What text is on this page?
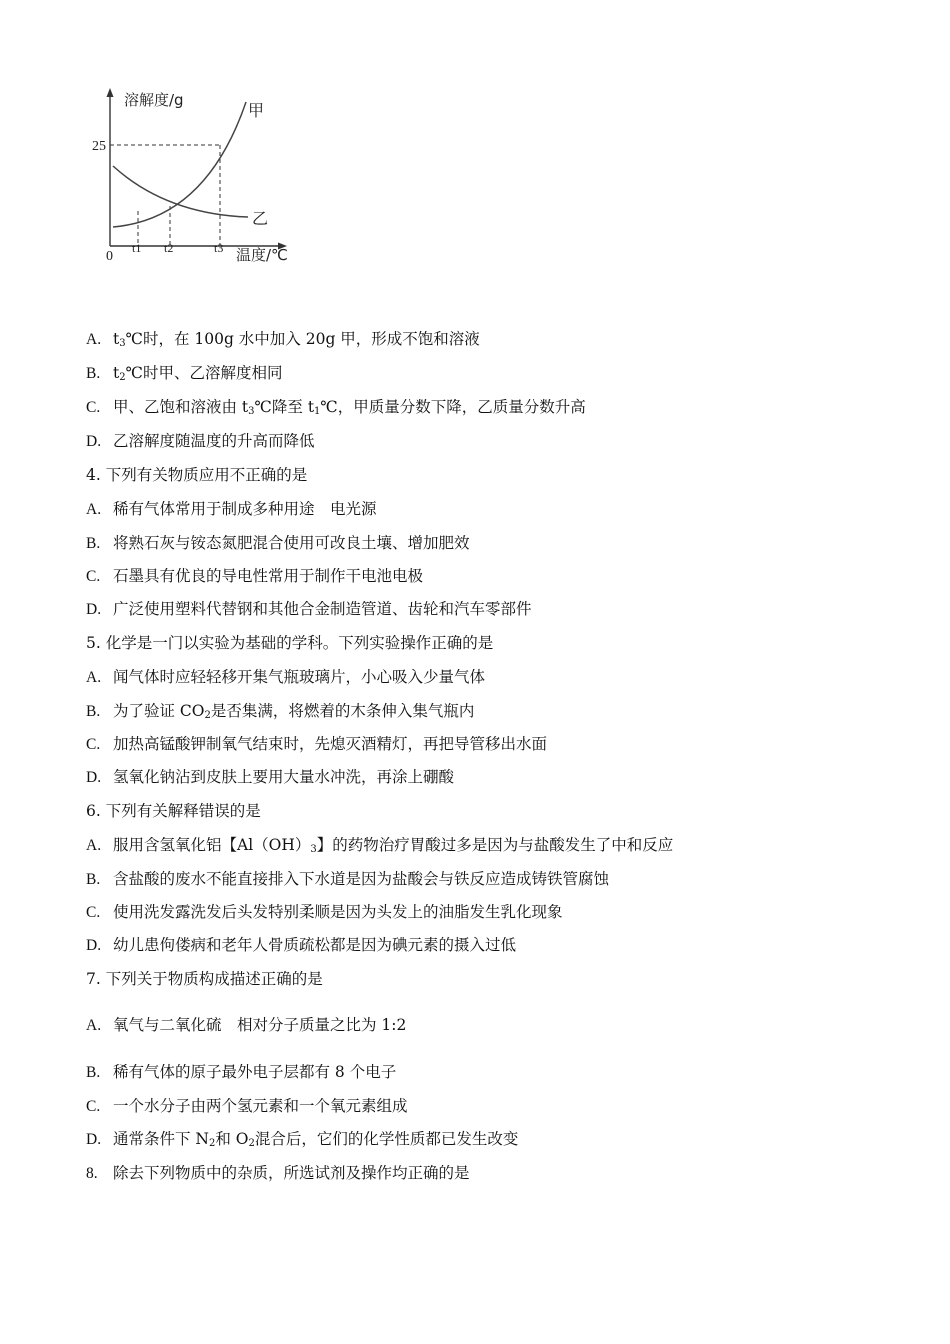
溶解度/g
25
0
t1 t2	t3 温度/℃
甲
乙
A. $t_3℃$时，在 100g 水中加入 20g 甲，形成不饱和溶液
B. $t_2℃$时甲、乙溶解度相同
C. 甲、乙饱和溶液由 $t_3℃$降至 $t_1℃$，甲质量分数下降，乙质量分数升高
D. 乙溶解度随温度的升高而降低
4. 下列有关物质应用不正确的是
A. 稀有气体常用于制成多种用途　电光源
B. 将熟石灰与铵态氮肥混合使用可改良土壤、增加肥效
C. 石墨具有优良的导电性常用于制作干电池电极
D. 广泛使用塑料代替钢和其他合金制造管道、齿轮和汽车零部件
5. 化学是一门以实验为基础的学科。下列实验操作正确的是
A. 闻气体时应轻轻移开集气瓶玻璃片，小心吸入少量气体
B. 为了验证 $CO_2$是否集满，将燃着的木条伸入集气瓶内
C. 加热高锰酸钾制氧气结束时，先熄灭酒精灯，再把导管移出水面
D. 氢氧化钠沾到皮肤上要用大量水冲洗，再涂上硼酸
6. 下列有关解释错误的是
A. 服用含氢氧化铝【$Al(OH)_3$】的药物治疗胃酸过多是因为与盐酸发生了中和反应
B. 含盐酸的废水不能直接排入下水道是因为盐酸会与铁反应造成铸铁管腐蚀
C. 使用洗发露洗发后头发特别柔顺是因为头发上的油脂发生乳化现象
D. 幼儿患佝偻病和老年人骨质疏松都是因为碘元素的摄入过低
7. 下列关于物质构成描述正确的是
A. 氧气与二氧化硫　相对分子质量之比为 1:2
B. 稀有气体的原子最外电子层都有 8 个电子
C. 一个水分子由两个氢元素和一个氧元素组成
D. 通常条件下 $N_2$和 $O_2$混合后，它们的化学性质都已发生改变
8. 除去下列物质中的杂质，所选试剂及操作均正确的是
